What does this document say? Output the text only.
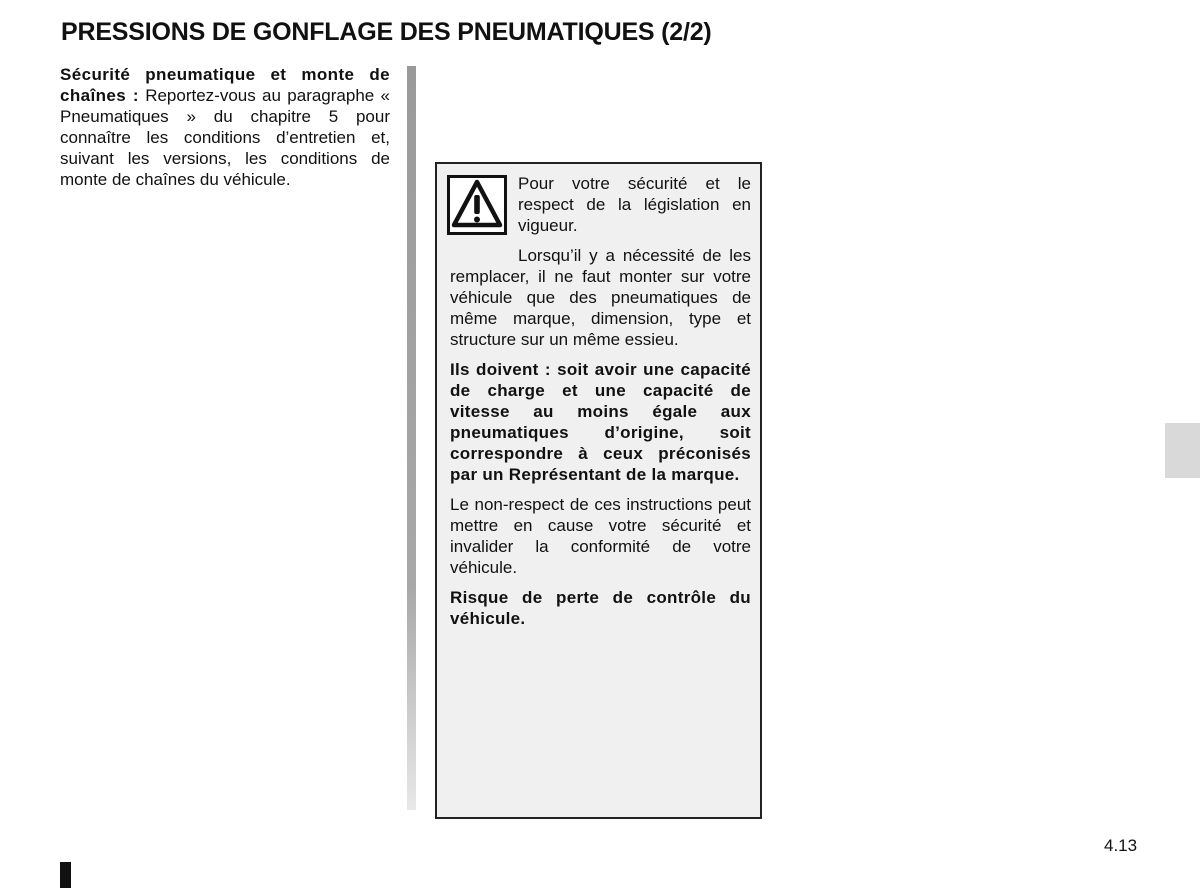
PRESSIONS DE GONFLAGE DES PNEUMATIQUES (2/2)
Sécurité pneumatique et monte de chaînes : Reportez-vous au paragraphe « Pneumatiques » du chapitre 5 pour connaître les conditions d’entretien et, suivant les versions, les conditions de monte de chaînes du véhicule.	Pour votre sécurité et le respect de la législation en vigueur.

Lorsqu’il y a nécessité de les remplacer, il ne faut monter sur votre véhicule que des pneumatiques de même marque, dimension, type et structure sur un même essieu.

Ils doivent : soit avoir une capacité de charge et une capacité de vitesse au moins égale aux pneumatiques d’origine, soit correspondre à ceux préconisés par un Représentant de la marque.

Le non-respect de ces instructions peut mettre en cause votre sécurité et invalider la conformité de votre véhicule.

Risque de perte de contrôle du véhicule.

4.13
